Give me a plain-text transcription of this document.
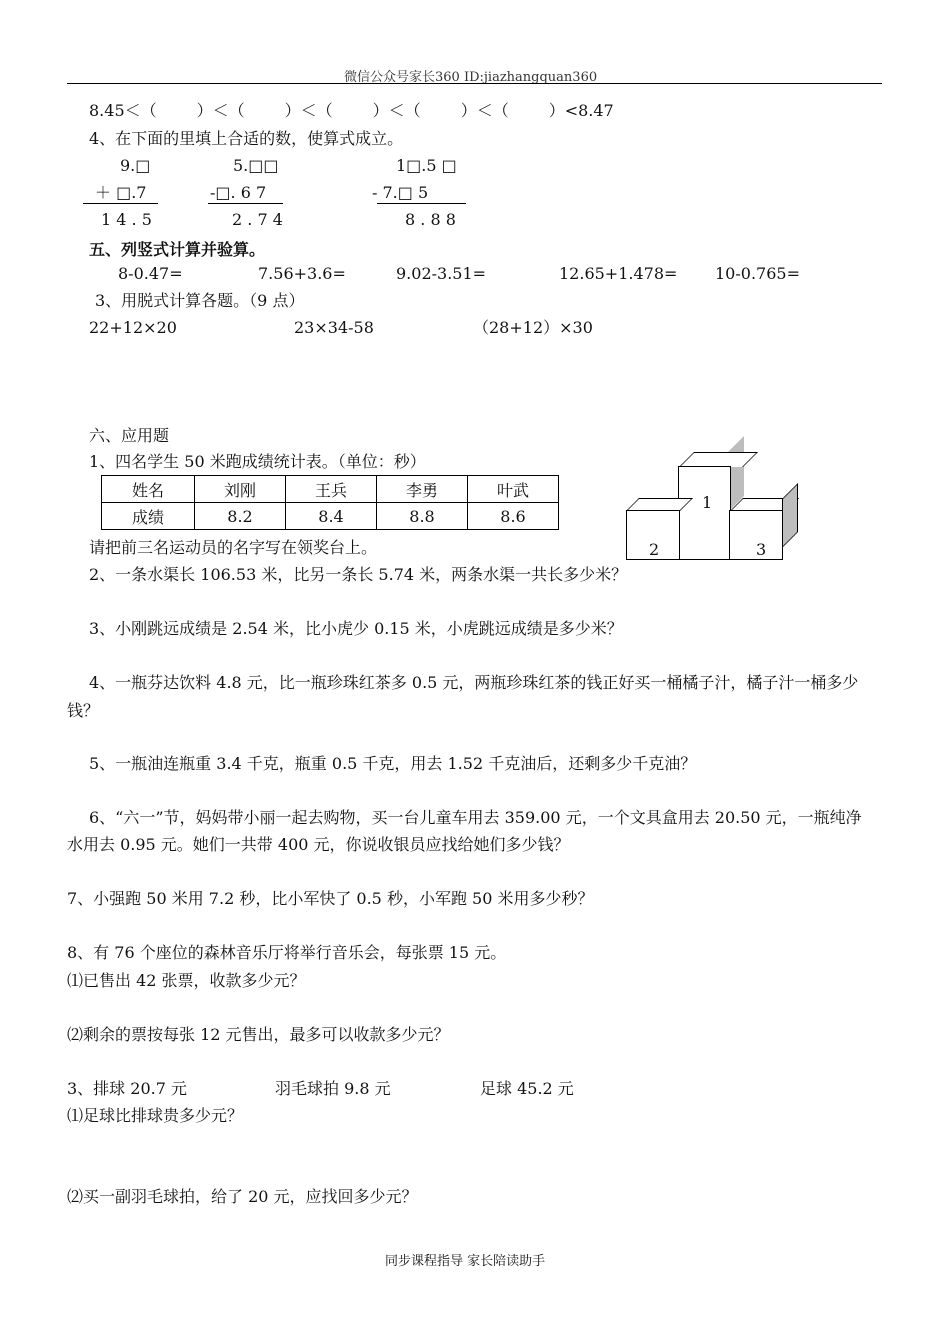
微信公众号家长360 ID:jiazhangquan360
8.45＜（	）＜（	）＜（	）＜（	）＜（	）<8.47
4、在下面的里填上合适的数，使算式成立。
9.□
＋ □.7
1 4 . 5
5.□□
-□. 6 7
2 . 7 4
1□.5 □
- 7.□ 5
8 . 8 8
五、列竖式计算并验算。
8-0.47=	7.56+3.6=	9.02-3.51=	12.65+1.478= 10-0.765=
3、用脱式计算各题。（9 点）
22+12×20	23×34-58	（28+12）×30
六、应用题
1、四名学生 50 米跑成绩统计表。（单位：秒）
姓名	刘刚	王兵	李勇	叶武
成绩	8.2	8.4	8.8	8.6
1
2	3
请把前三名运动员的名字写在领奖台上。
2、一条水渠长 106.53 米，比另一条长 5.74 米，两条水渠一共长多少米？
3、小刚跳远成绩是 2.54 米，比小虎少 0.15 米，小虎跳远成绩是多少米？
4、一瓶芬达饮料 4.8 元，比一瓶珍珠红茶多 0.5 元，两瓶珍珠红茶的钱正好买一桶橘子汁，橘子汁一桶多少
钱？
5、一瓶油连瓶重 3.4 千克，瓶重 0.5 千克，用去 1.52 千克油后，还剩多少千克油？
6、“六一”节，妈妈带小丽一起去购物，买一台儿童车用去 359.00 元，一个文具盒用去 20.50 元，一瓶纯净
水用去 0.95 元。她们一共带 400 元，你说收银员应找给她们多少钱？
7、小强跑 50 米用 7.2 秒，比小军快了 0.5 秒，小军跑 50 米用多少秒？
8、有 76 个座位的森林音乐厅将举行音乐会，每张票 15 元。
⑴已售出 42 张票，收款多少元？
⑵剩余的票按每张 12 元售出，最多可以收款多少元？
3、排球 20.7 元	羽毛球拍 9.8 元	足球 45.2 元
⑴足球比排球贵多少元？
⑵买一副羽毛球拍，给了 20 元，应找回多少元？
同步课程指导 家长陪读助手
